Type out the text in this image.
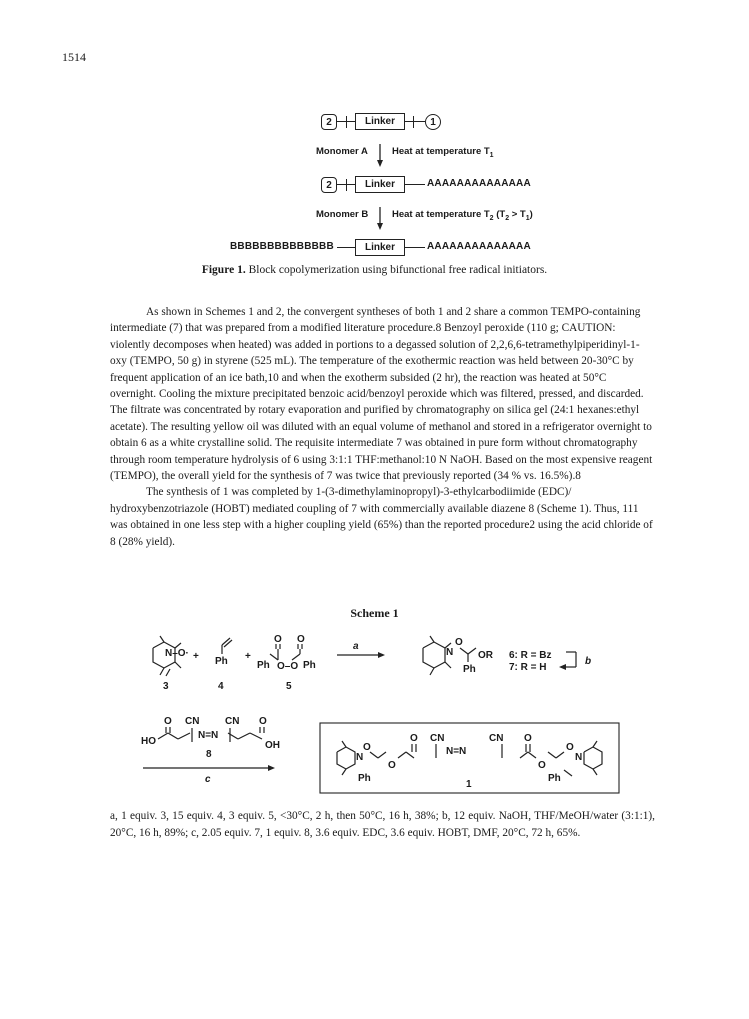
1514
2	Linker	1
Monomer A	Heat at temperature $T_1$
2	Linker	AAAAAAAAAAAAAA
Monomer B	Heat at temperature $T_2$ $(T_2 > T_1)$
BBBBBBBBBBBBBB	Linker	AAAAAAAAAAAAAA
Figure 1. Block copolymerization using bifunctional free radical initiators.

As shown in Schemes 1 and 2, the convergent syntheses of both 1 and 2 share a common TEMPO-containing intermediate (7) that was prepared from a modified literature procedure.8 Benzoyl peroxide (110 g; CAUTION: violently decomposes when heated) was added in portions to a degassed solution of 2,2,6,6-tetramethylpiperidinyl-1-oxy (TEMPO, 50 g) in styrene (525 mL). The temperature of the exothermic reaction was held between 20-30°C by frequent application of an ice bath,10 and when the exotherm subsided (2 hr), the reaction was heated at 50°C overnight. Cooling the mixture precipitated benzoic acid/benzoyl peroxide which was filtered, pressed, and discarded. The filtrate was concentrated by rotary evaporation and purified by chromatography on silica gel (24:1 hexanes:ethyl acetate). The resulting yellow oil was diluted with an equal volume of methanol and stored in a refrigerator overnight to obtain 6 as a white crystalline solid. The requisite intermediate 7 was obtained in pure form without chromatography through room temperature hydrolysis of 6 using 3:1:1 THF:methanol:10 N NaOH. Based on the most expensive reagent (TEMPO), the overall yield for the synthesis of 7 was twice that previously reported (34 % vs. 16.5%).8

The synthesis of 1 was completed by 1-(3-dimethylaminopropyl)-3-ethylcarbodiimide (EDC)/ hydroxybenzotriazole (HOBT) mediated coupling of 7 with commercially available diazene 8 (Scheme 1). Thus, 111 was obtained in one less step with a higher coupling yield (65%) than the reported procedure2 using the acid chloride of 8 (28% yield).

Scheme 1
N–O· + Ph +
Ph
O O
O–O Ph
3	4	5
a
N
O
OR
Ph
6: R = Bz
7: R = H
b
O CN	CN O
HO
N=N
OH
8
c
O CN	CN O
N
O
O
N=N
O
O
N
Ph	Ph
1
a, 1 equiv. 3, 15 equiv. 4, 3 equiv. 5, <30°C, 2 h, then 50°C, 16 h, 38%; b, 12 equiv. NaOH, THF/MeOH/water (3:1:1), 20°C, 16 h, 89%; c, 2.05 equiv. 7, 1 equiv. 8, 3.6 equiv. EDC, 3.6 equiv. HOBT, DMF, 20°C, 72 h, 65%.
